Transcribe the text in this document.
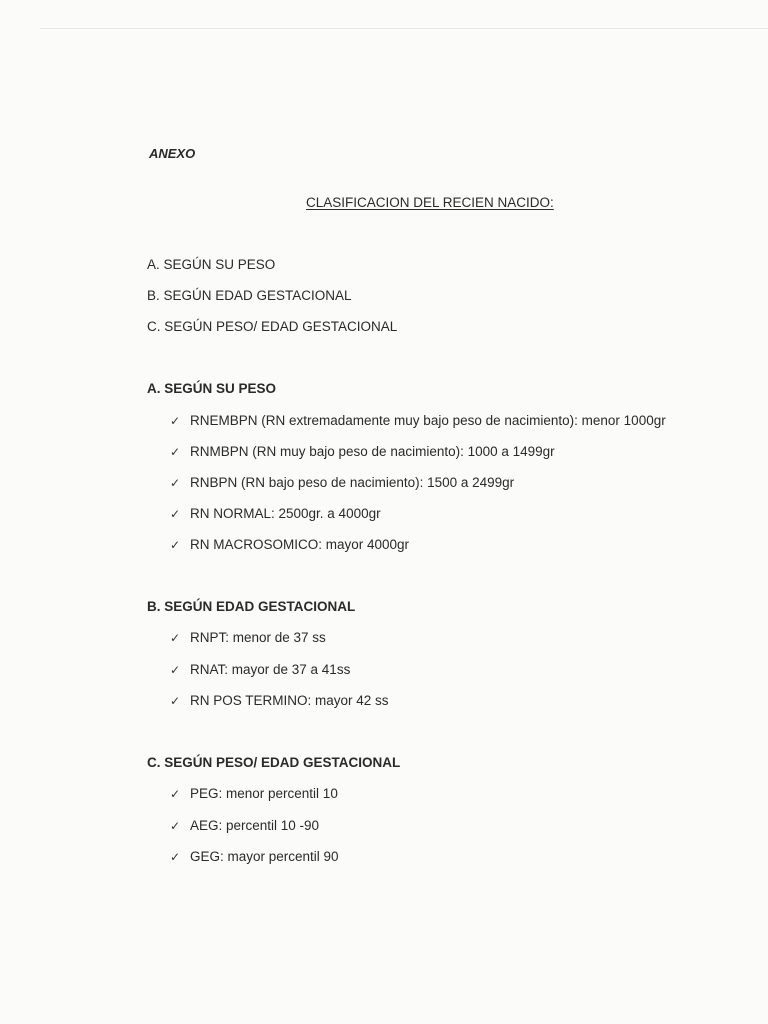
ANEXO
CLASIFICACION DEL RECIEN NACIDO:
A. SEGÚN SU PESO
B. SEGÚN EDAD GESTACIONAL
C. SEGÚN PESO/ EDAD GESTACIONAL
A. SEGÚN SU PESO
✓ RNEMBPN (RN extremadamente muy bajo peso de nacimiento): menor 1000gr
✓ RNMBPN (RN muy bajo peso de nacimiento): 1000 a 1499gr
✓ RNBPN (RN bajo peso de nacimiento): 1500 a 2499gr
✓ RN NORMAL: 2500gr. a 4000gr
✓ RN MACROSOMICO: mayor 4000gr
B. SEGÚN EDAD GESTACIONAL
✓ RNPT: menor de 37 ss
✓ RNAT: mayor de 37 a 41ss
✓ RN POS TERMINO: mayor 42 ss
C. SEGÚN PESO/ EDAD GESTACIONAL
✓ PEG: menor percentil 10
✓ AEG: percentil 10 -90
✓ GEG: mayor percentil 90
